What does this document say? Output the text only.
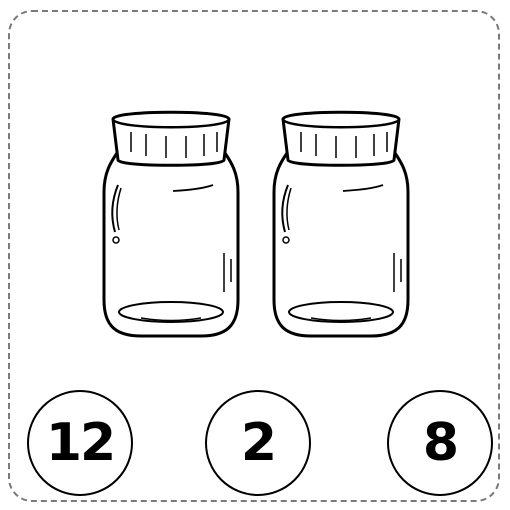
12	2	8
